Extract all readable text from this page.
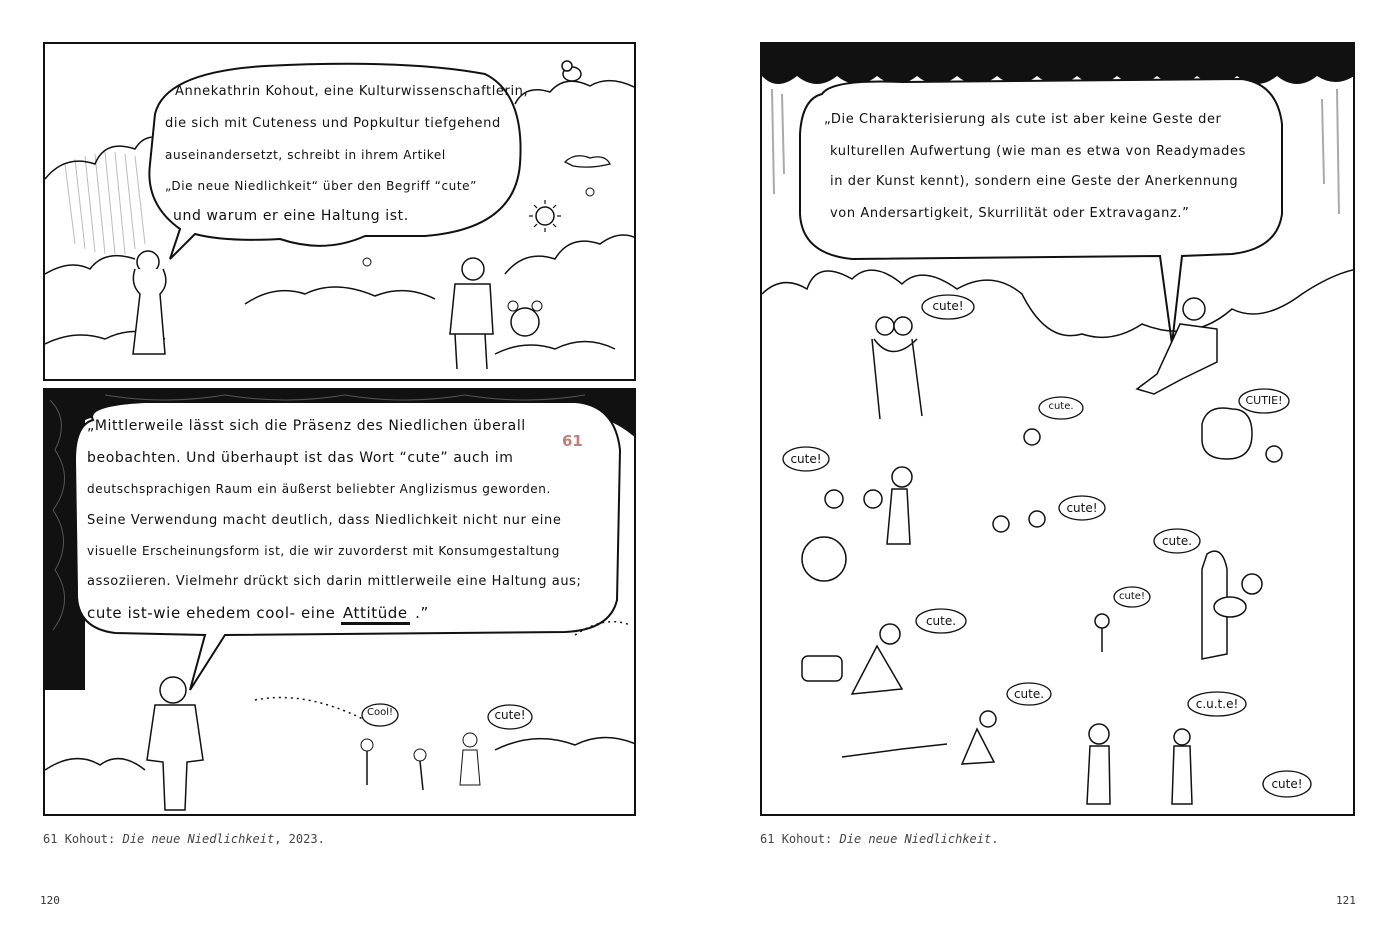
Annekathrin Kohout, eine Kulturwissenschaftlerin,
die sich mit Cuteness und Popkultur tiefgehend
auseinandersetzt, schreibt in ihrem Artikel
„Die neue Niedlichkeit“ über den Begriff “cute”
und warum er eine Haltung ist.
61
„Mittlerweile lässt sich die Präsenz des Niedlichen überall
beobachten. Und überhaupt ist das Wort “cute” auch im
deutschsprachigen Raum ein äußerst beliebter Anglizismus geworden.
Seine Verwendung macht deutlich, dass Niedlichkeit nicht nur eine
visuelle Erscheinungsform ist, die wir zuvorderst mit Konsumgestaltung
assoziieren. Vielmehr drückt sich darin mittlerweile eine Haltung aus;
cute ist-wie ehedem cool- eine Attitüde .”
Cool!	cute!
61 Kohout: Die neue Niedlichkeit, 2023.
120
„Die Charakterisierung als cute ist aber keine Geste der
kulturellen Aufwertung (wie man es etwa von Readymades
in der Kunst kennt), sondern eine Geste der Anerkennung
von Andersartigkeit, Skurrilität oder Extravaganz.”
cute!
cute.	CUTIE!
cute!
cute!
cute.
cute!
cute.
cute.
c.u.t.e!
cute!
61 Kohout: Die neue Niedlichkeit.
121
